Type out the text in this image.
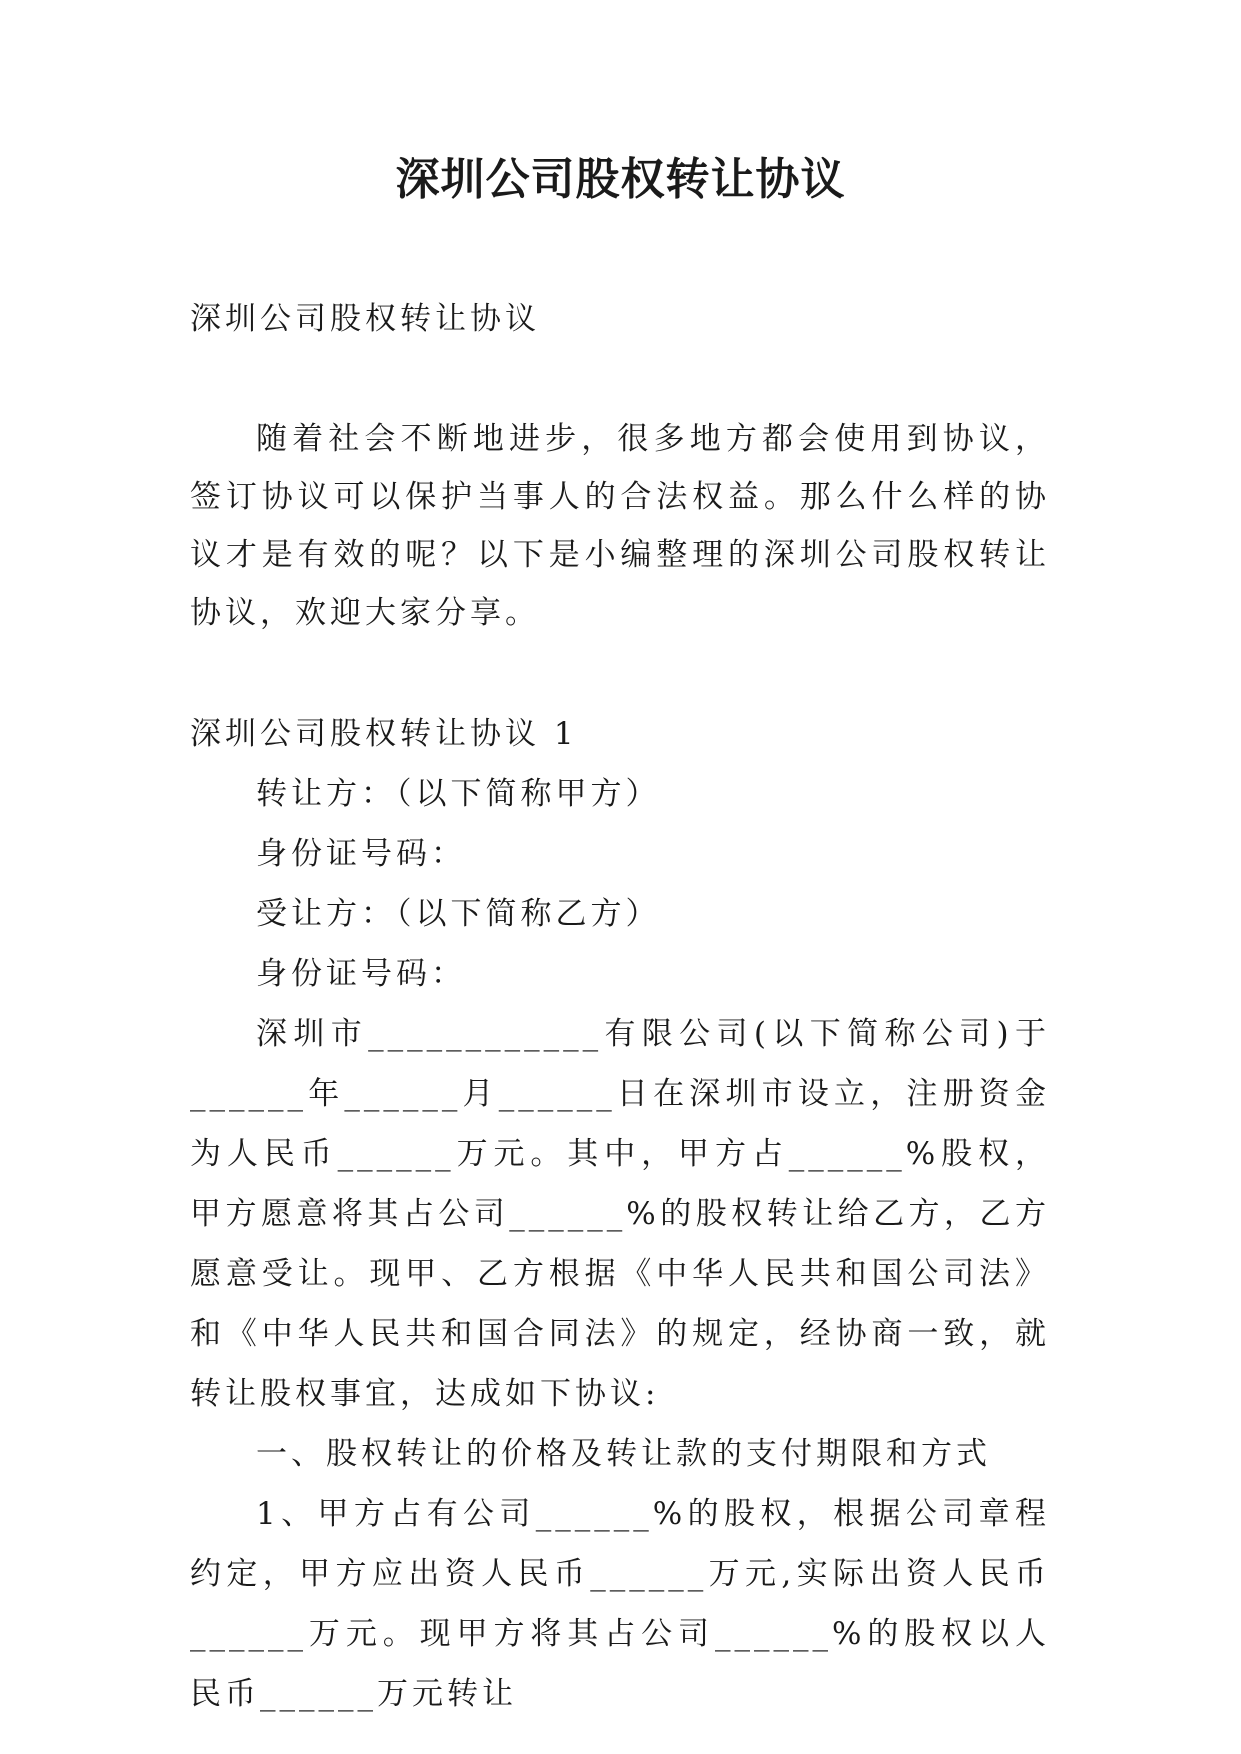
深圳公司股权转让协议

深圳公司股权转让协议

随着社会不断地进步，很多地方都会使用到协议，签订协议可以保护当事人的合法权益。那么什么样的协议才是有效的呢？以下是小编整理的深圳公司股权转让协议，欢迎大家分享。

深圳公司股权转让协议 1

转让方：（以下简称甲方）

身份证号码：

受让方：（以下简称乙方）

身份证号码：

深圳市____________有限公司(以下简称公司)于______年______月______日在深圳市设立，注册资金为人民币______万元。其中，甲方占______%股权，甲方愿意将其占公司______%的股权转让给乙方，乙方愿意受让。现甲、乙方根据《中华人民共和国公司法》和《中华人民共和国合同法》的规定，经协商一致，就转让股权事宜，达成如下协议:

一、股权转让的价格及转让款的支付期限和方式

1、甲方占有公司______%的股权，根据公司章程约定，甲方应出资人民币______万元,实际出资人民币______万元。现甲方将其占公司______%的股权以人民币______万元转让
